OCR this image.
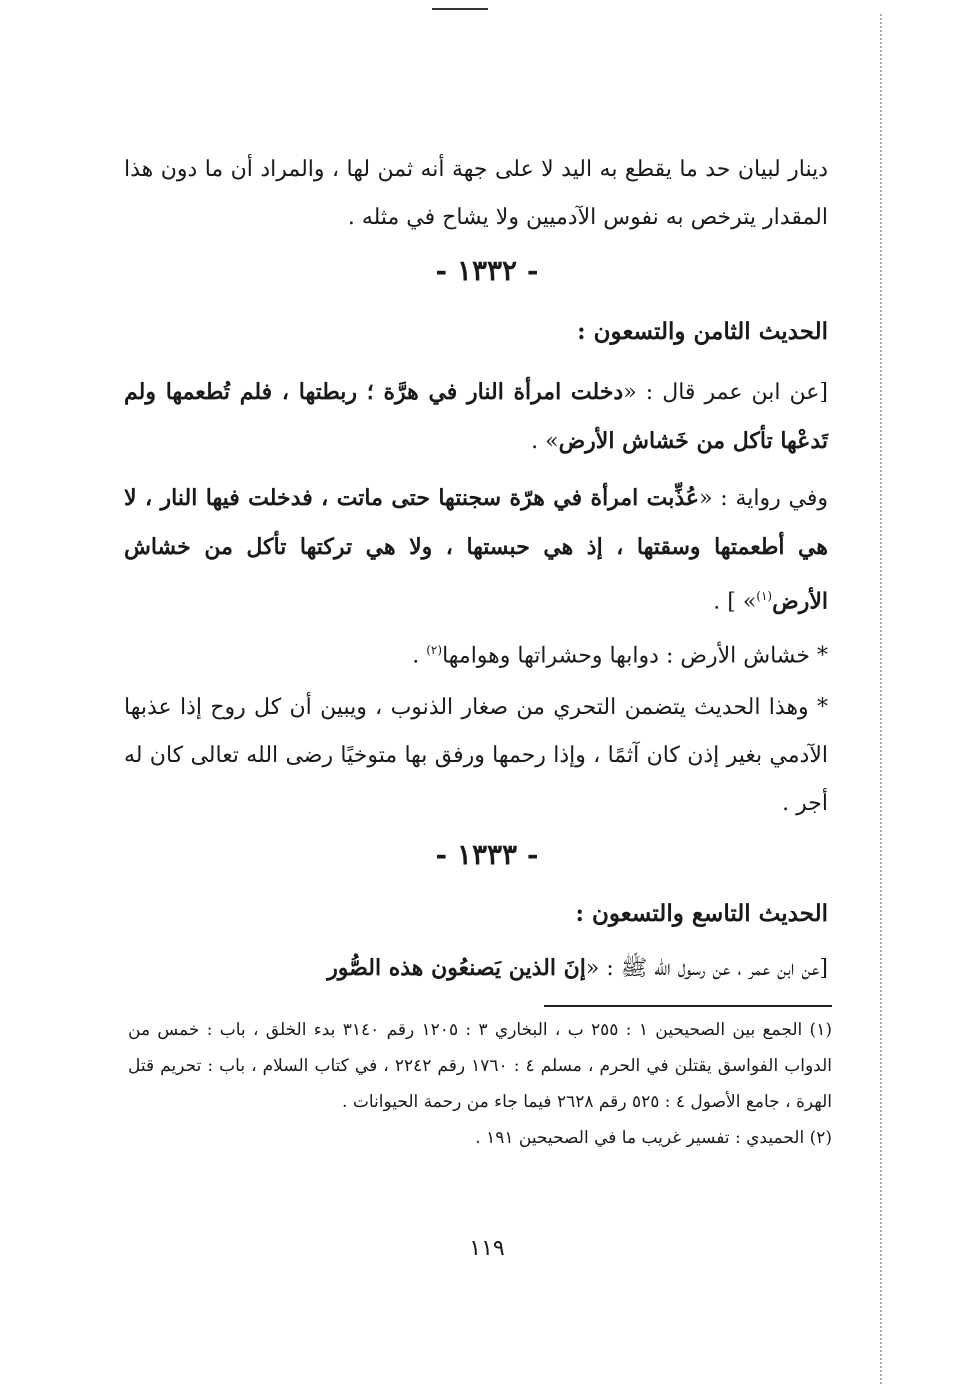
دينار لبيان حد ما يقطع به اليد لا على جهة أنه ثمن لها ، والمراد أن ما دون هذا المقدار يترخص به نفوس الآدميين ولا يشاح في مثله .
- ١٣٣٢ -
الحديث الثامن والتسعون :
[عن ابن عمر قال : «دخلت امرأة النار في هرَّة ؛ ربطتها ، فلم تُطعمها ولم تَدعْها تأكل من خَشاش الأرض» .
وفي رواية : «عُذِّبت امرأة في هرّة سجنتها حتى ماتت ، فدخلت فيها النار ، لا هي أطعمتها وسقتها ، إذ هي حبستها ، ولا هي تركتها تأكل من خشاش الأرض$^{(١)}$» ] .
* خشاش الأرض : دوابها وحشراتها وهوامها$^{(٢)}$ .
* وهذا الحديث يتضمن التحري من صغار الذنوب ، ويبين أن كل روح إذا عذبها الآدمي بغير إذن كان آثمًا ، وإذا رحمها ورفق بها متوخيًا رضى الله تعالى كان له أجر .
- ١٣٣٣ -
الحديث التاسع والتسعون :
[عن ابن عمر ، عن رسول الله ﷺ : «إنَ الذين يَصنعُون هذه الصُّور
(١) الجمع بين الصحيحين ١ : ٢٥٥ ب ، البخاري ٣ : ١٢٠٥ رقم ٣١٤٠ بدء الخلق ، باب : خمس من الدواب الفواسق يقتلن في الحرم ، مسلم ٤ : ١٧٦٠ رقم ٢٢٤٢ ، في كتاب السلام ، باب : تحريم قتل الهرة ، جامع الأصول ٤ : ٥٢٥ رقم ٢٦٢٨ فيما جاء من رحمة الحيوانات .
(٢) الحميدي : تفسير غريب ما في الصحيحين ١٩١ .
١١٩
